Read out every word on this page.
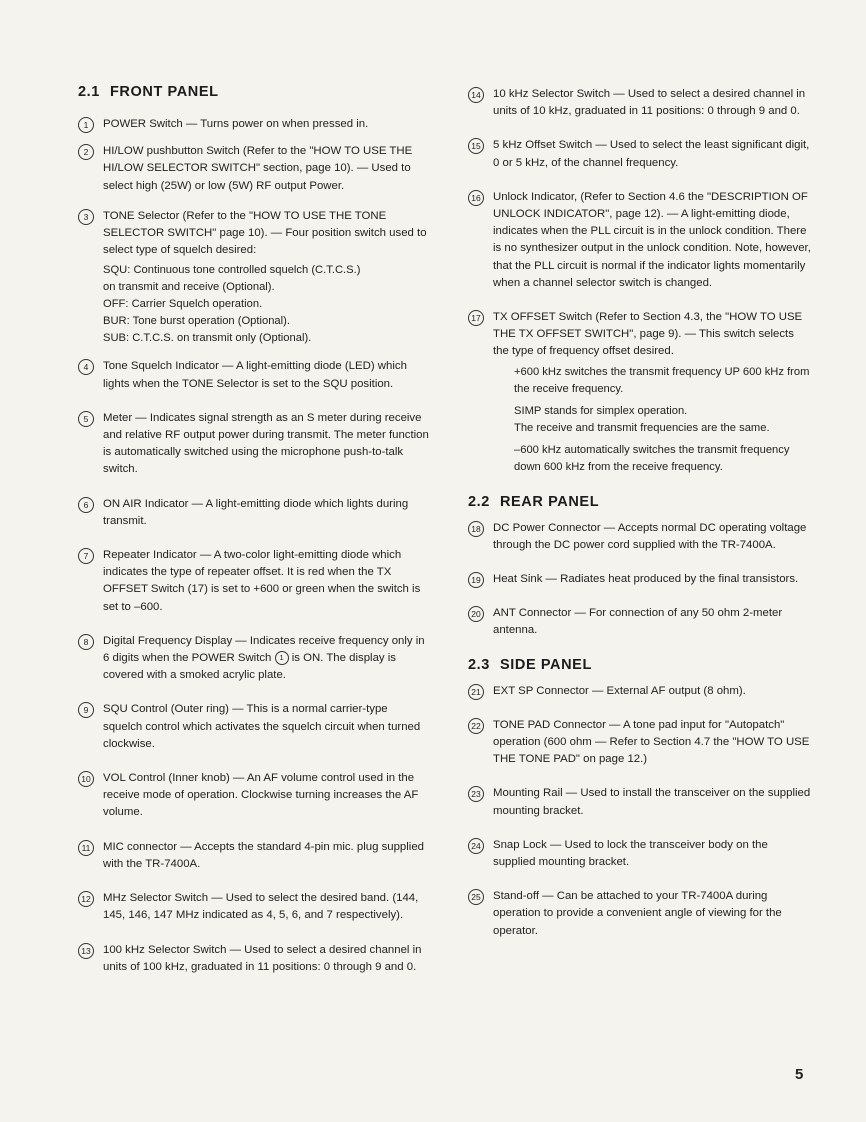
2.1 FRONT PANEL
1	POWER Switch — Turns power on when pressed in.
2	HI/LOW pushbutton Switch (Refer to the "HOW TO USE THE HI/LOW SELECTOR SWITCH" section, page 10). — Used to select high (25W) or low (5W) RF output Power.
3	TONE Selector (Refer to the "HOW TO USE THE TONE SELECTOR SWITCH" page 10). — Four position switch used to select type of squelch desired:

SQU: Continuous tone controlled squelch (C.T.C.S.)

on transmit and receive (Optional).

OFF: Carrier Squelch operation.

BUR: Tone burst operation (Optional).

SUB: C.T.C.S. on transmit only (Optional).

4	Tone Squelch Indicator — A light-emitting diode (LED) which lights when the TONE Selector is set to the SQU position.
5	Meter — Indicates signal strength as an S meter during receive and relative RF output power during transmit. The meter function is automatically switched using the microphone push-to-talk switch.
6	ON AIR Indicator — A light-emitting diode which lights during transmit.
7	Repeater Indicator — A two-color light-emitting diode which indicates the type of repeater offset. It is red when the TX OFFSET Switch (17) is set to +600 or green when the switch is set to –600.
8	Digital Frequency Display — Indicates receive frequency only in 6 digits when the POWER Switch 1 is ON. The display is covered with a smoked acrylic plate.
9	SQU Control (Outer ring) — This is a normal carrier-type squelch control which activates the squelch circuit when turned clockwise.
10 VOL Control (Inner knob) — An AF volume control used in the receive mode of operation. Clockwise turning increases the AF volume.
11	MIC connector — Accepts the standard 4-pin mic. plug supplied with the TR-7400A.
12 MHz Selector Switch — Used to select the desired band. (144, 145, 146, 147 MHz indicated as 4, 5, 6, and 7 respectively).
13 100 kHz Selector Switch — Used to select a desired channel in units of 100 kHz, graduated in 11 positions: 0 through 9 and 0.
14 10 kHz Selector Switch — Used to select a desired channel in units of 10 kHz, graduated in 11 positions: 0 through 9 and 0.
15 5 kHz Offset Switch — Used to select the least significant digit, 0 or 5 kHz, of the channel frequency.
16 Unlock Indicator, (Refer to Section 4.6 the "DESCRIPTION OF UNLOCK INDICATOR", page 12). — A light-emitting diode, indicates when the PLL circuit is in the unlock condition. There is no synthesizer output in the unlock condition. Note, however, that the PLL circuit is normal if the indicator lights momentarily when a channel selector switch is changed.
17 TX OFFSET Switch (Refer to Section 4.3, the "HOW TO USE THE TX OFFSET SWITCH", page 9). — This switch selects the type of frequency offset desired.

+600 kHz switches the transmit frequency UP 600 kHz from the receive frequency.

SIMP stands for simplex operation.

The receive and transmit frequencies are the same.

–600 kHz automatically switches the transmit frequency down 600 kHz from the receive frequency.

2.2 REAR PANEL
18 DC Power Connector — Accepts normal DC operating voltage through the DC power cord supplied with the TR-7400A.
19 Heat Sink — Radiates heat produced by the final transistors.
20 ANT Connector — For connection of any 50 ohm 2-meter antenna.
2.3 SIDE PANEL
21 EXT SP Connector — External AF output (8 ohm).
22 TONE PAD Connector — A tone pad input for "Autopatch" operation (600 ohm — Refer to Section 4.7 the "HOW TO USE THE TONE PAD" on page 12.)
23 Mounting Rail — Used to install the transceiver on the supplied mounting bracket.
24 Snap Lock — Used to lock the transceiver body on the supplied mounting bracket.
25 Stand-off — Can be attached to your TR-7400A during operation to provide a convenient angle of viewing for the operator.
5
